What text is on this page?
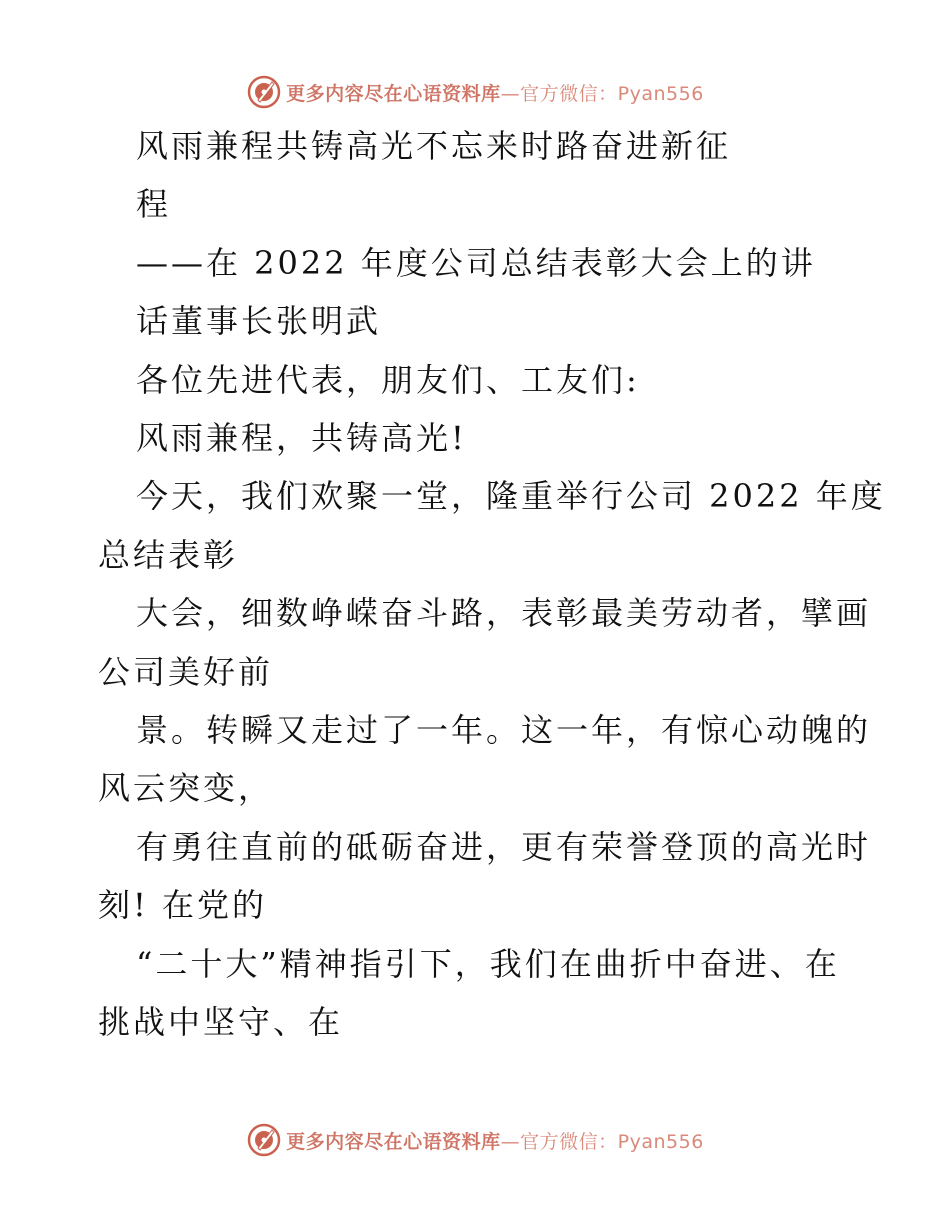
更多内容尽在心语资料库—官方微信：Pyan556
风雨兼程共铸高光不忘来时路奋进新征
程
——在 2022 年度公司总结表彰大会上的讲
话董事长张明武
各位先进代表，朋友们、工友们:
风雨兼程，共铸高光!
今天，我们欢聚一堂，隆重举行公司 2022 年度
总结表彰
大会，细数峥嵘奋斗路，表彰最美劳动者，擘画
公司美好前
景。转瞬又走过了一年。这一年，有惊心动魄的
风云突变，
有勇往直前的砥砺奋进，更有荣誉登顶的高光时
刻! 在党的
“二十大”精神指引下，我们在曲折中奋进、在
挑战中坚守、在
更多内容尽在心语资料库—官方微信：Pyan556
